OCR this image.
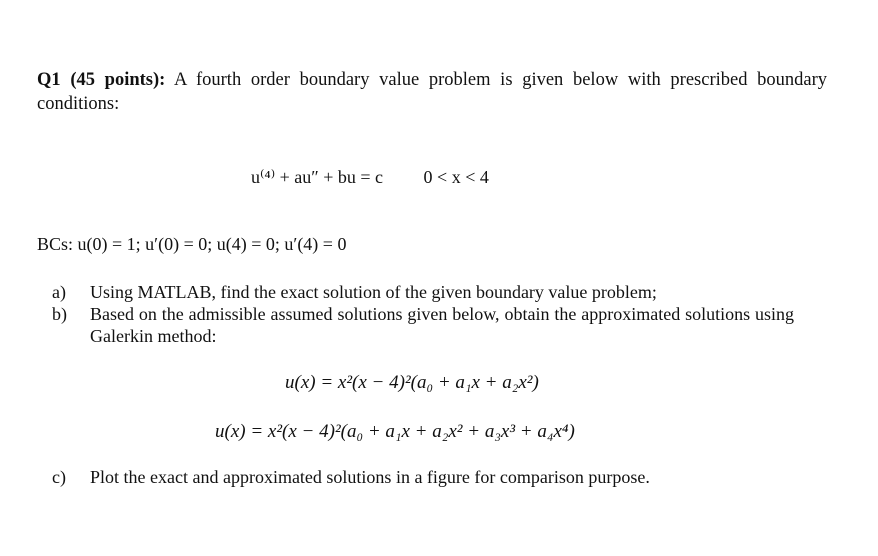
Q1 (45 points): A fourth order boundary value problem is given below with prescribed boundary conditions:
u⁽⁴⁾ + au″ + bu = c 0 < x < 4
BCs: u(0) = 1; u′(0) = 0; u(4) = 0; u′(4) = 0
a) Using MATLAB, find the exact solution of the given boundary value problem;
b) Based on the admissible assumed solutions given below, obtain the approximated solutions using Galerkin method:
u(x) = x²(x − 4)²(a₀ + a₁x + a₂x²)
u(x) = x²(x − 4)²(a₀ + a₁x + a₂x² + a₃x³ + a₄x⁴)
c) Plot the exact and approximated solutions in a figure for comparison purpose.
